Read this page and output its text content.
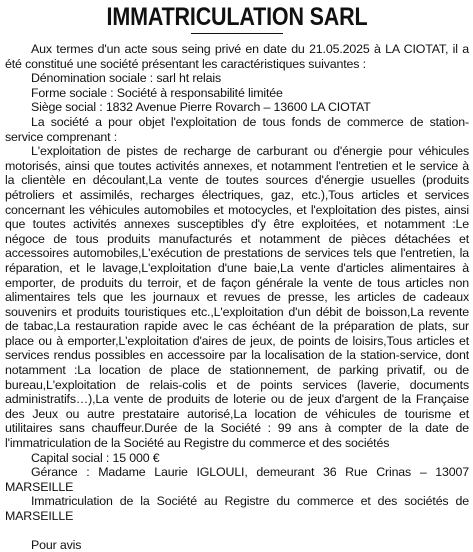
IMMATRICULATION SARL

Aux termes d'un acte sous seing privé en date du 21.05.2025 à LA CIOTAT, il a été constitué une société présentant les caractéristiques suivantes :

Dénomination sociale : sarl ht relais

Forme sociale : Société à responsabilité limitée

Siège social : 1832 Avenue Pierre Rovarch – 13600 LA CIOTAT

La société a pour objet l'exploitation de tous fonds de commerce de station-service comprenant :

L'exploitation de pistes de recharge de carburant ou d'énergie pour véhicules motorisés, ainsi que toutes activités annexes, et notamment l'entretien et le service à la clientèle en découlant,La vente de toutes sources d'énergie usuelles (produits pétroliers et assimilés, recharges électriques, gaz, etc.),Tous articles et services concernant les véhicules automobiles et motocycles, et l'exploitation des pistes, ainsi que toutes activités annexes susceptibles d'y être exploitées, et notamment :Le négoce de tous produits manufacturés et notamment de pièces détachées et accessoires automobiles,L'exécution de prestations de services tels que l'entretien, la réparation, et le lavage,L'exploitation d'une baie,La vente d'articles alimentaires à emporter, de produits du terroir, et de façon générale la vente de tous articles non alimentaires tels que les journaux et revues de presse, les articles de cadeaux souvenirs et produits touristiques etc.,L'exploitation d'un débit de boisson,La revente de tabac,La restauration rapide avec le cas échéant de la préparation de plats, sur place ou à emporter,L'exploitation d'aires de jeux, de points de loisirs,Tous articles et services rendus possibles en accessoire par la localisation de la station-service, dont notamment :La location de place de stationnement, de parking privatif, ou de bureau,L'exploitation de relais-colis et de points services (laverie, documents administratifs…),La vente de produits de loterie ou de jeux d'argent de la Française des Jeux ou autre prestataire autorisé,La location de véhicules de tourisme et utilitaires sans chauffeur.Durée de la Société : 99 ans à compter de la date de l'immatriculation de la Société au Registre du commerce et des sociétés

Capital social : 15 000 €

Gérance : Madame Laurie IGLOULI, demeurant 36 Rue Crinas – 13007 MARSEILLE

Immatriculation de la Société au Registre du commerce et des sociétés de MARSEILLE

Pour avis
